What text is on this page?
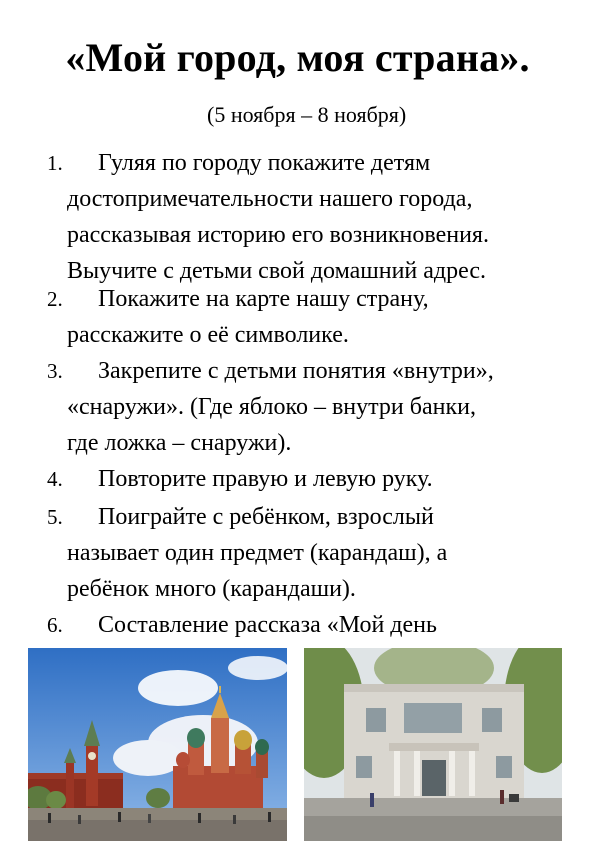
«Мой город, моя страна».
(5 ноября – 8 ноября)
1. Гуляя по городу покажите детям
достопримечательности нашего города,
рассказывая историю его возникновения.
Выучите с детьми свой домашний адрес.
2. Покажите на карте нашу страну,
расскажите о её символике.
3. Закрепите с детьми понятия «внутри»,
«снаружи». (Где яблоко – внутри банки,
где ложка – снаружи).
4. Повторите правую и левую руку.
5. Поиграйте с ребёнком, взрослый
называет один предмет (карандаш), а
ребёнок много (карандаши).
6. Составление рассказа «Мой день
